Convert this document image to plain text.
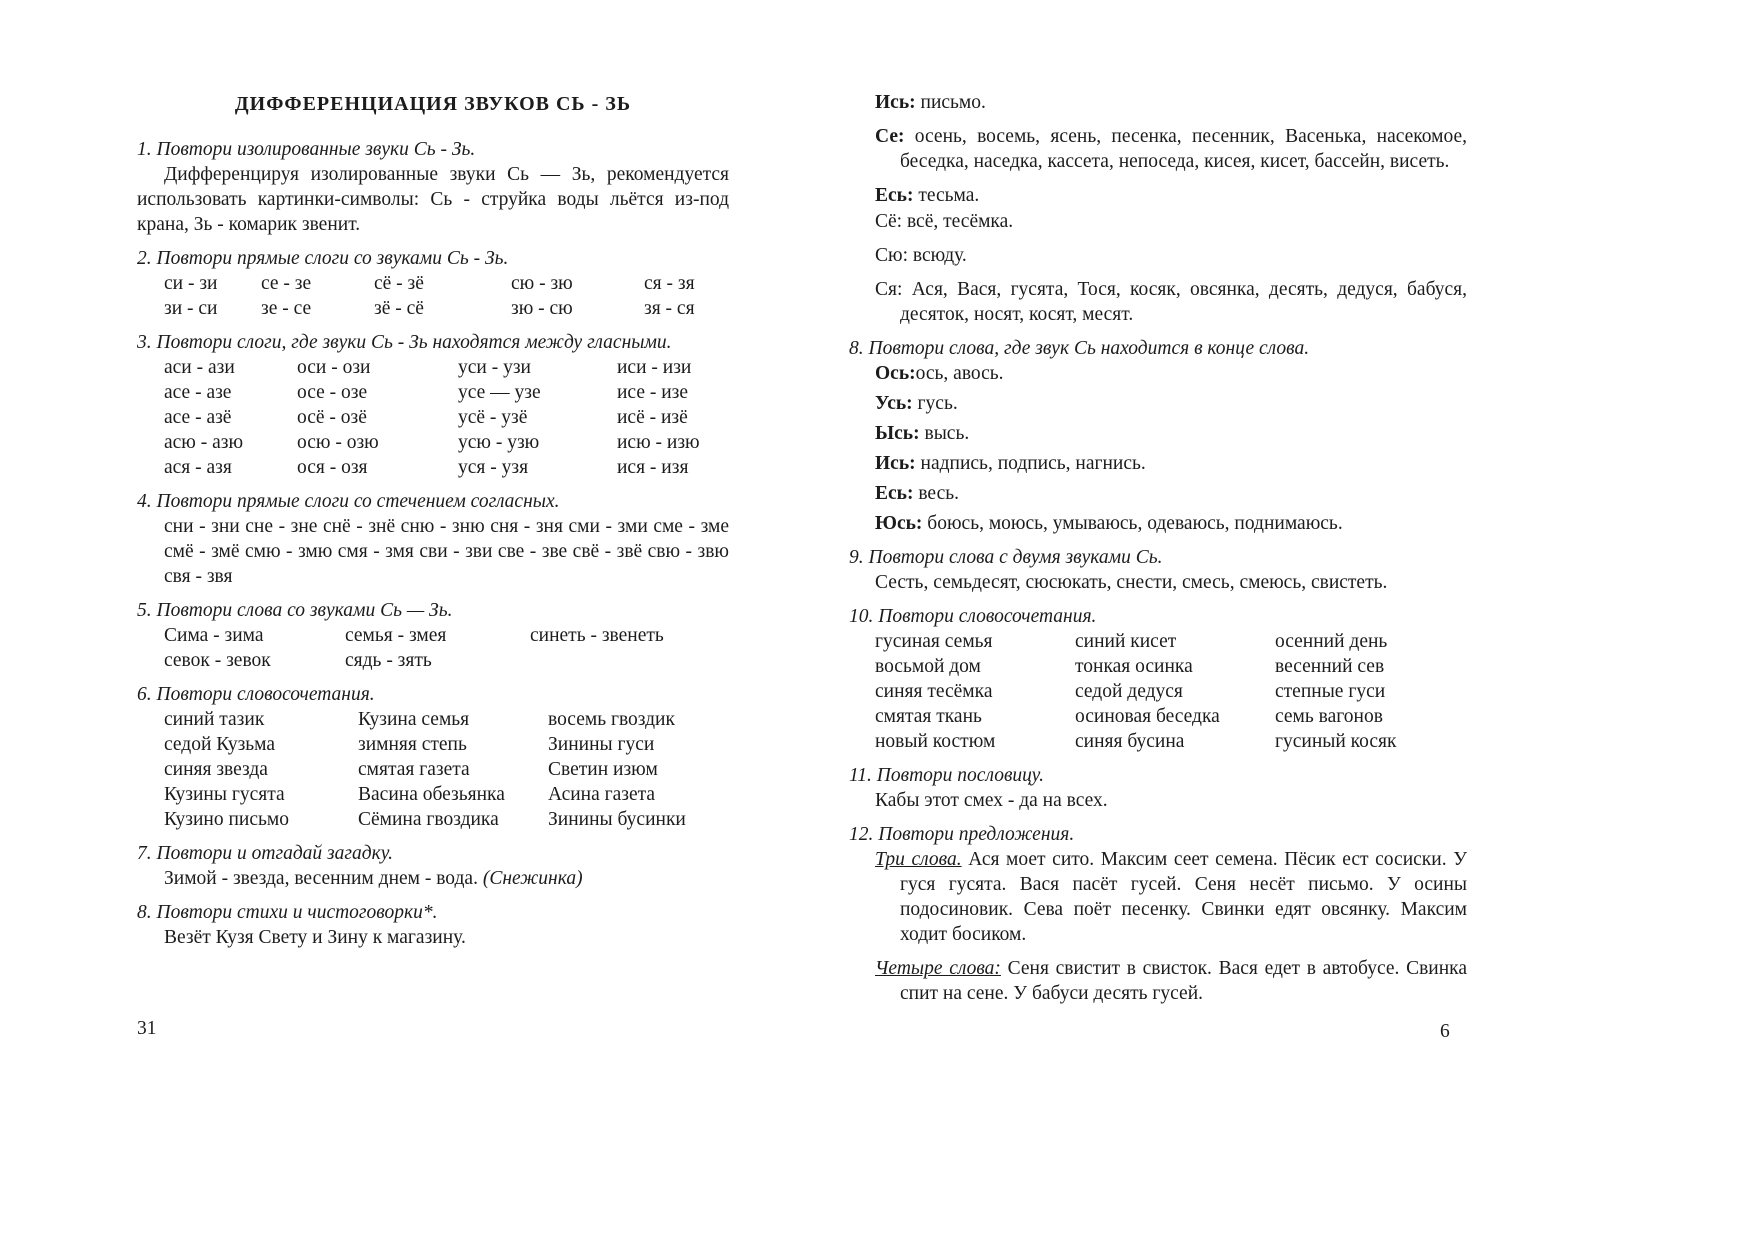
ДИФФЕРЕНЦИАЦИЯ ЗВУКОВ СЬ - ЗЬ
1. Повтори изолированные звуки Сь - Зь.
Дифференцируя изолированные звуки Сь — Зь, рекомендуется использовать картинки-символы: Сь - струйка воды льётся из-под крана, Зь - комарик звенит.
2. Повтори прямые слоги со звуками Сь - Зь.
си - зи	се - зе	сё - зё	сю - зю	ся - зя
зи - си	зе - се	зё - сё	зю - сю	зя - ся
3. Повтори слоги, где звуки Сь - Зь находятся между гласными.
аси - ази	оси - ози	уси - узи	иси - изи
асе - азе	осе - озе	усе — узе	исе - изе
асе - азё	осё - озё	усё - узё	исё - изё
асю - азю	осю - озю	усю - узю	исю - изю
ася - азя	ося - озя	уся - узя	ися - изя
4. Повтори прямые слоги со стечением согласных.
сни - зни сне - зне снё - знё сню - зню сня - зня сми - зми сме - зме смё - змё смю - змю смя - змя сви - зви све - зве свё - звё свю - звю свя - звя
5. Повтори слова со звуками Сь — Зь.
Сима - зима	семья - змея	синеть - звенеть
севок - зевок	сядь - зять
6. Повтори словосочетания.
синий тазик	Кузина семья	восемь гвоздик
седой Кузьма	зимняя степь	Зинины гуси
синяя звезда	смятая газета	Светин изюм
Кузины гусята	Васина обезьянка	Асина газета
Кузино письмо	Сёмина гвоздика	Зинины бусинки
7. Повтори и отгадай загадку.
Зимой - звезда, весенним днем - вода. (Снежинка)
8. Повтори стихи и чистоговорки*.
Везёт Кузя Свету и Зину к магазину.
31
Ись: письмо.
Се: осень, восемь, ясень, песенка, песенник, Васенька, насекомое, беседка, наседка, кассета, непоседа, кисея, кисет, бассейн, висеть.
Есь: тесьма.
Сё: всё, тесёмка.
Сю: всюду.
Ся: Ася, Вася, гусята, Тося, косяк, овсянка, десять, дедуся, бабуся, десяток, носят, косят, месят.
8. Повтори слова, где звук Сь находится в конце слова.
Ось:ось, авось.
Усь: гусь.
Ысь: высь.
Ись: надпись, подпись, нагнись.
Есь: весь.
Юсь: боюсь, моюсь, умываюсь, одеваюсь, поднимаюсь.
9. Повтори слова с двумя звуками Сь.
Сесть, семьдесят, сюсюкать, снести, смесь, смеюсь, свистеть.
10. Повтори словосочетания.
гусиная семья	синий кисет	осенний день
восьмой дом	тонкая осинка	весенний сев
синяя тесёмка	седой дедуся	степные гуси
смятая ткань	осиновая беседка	семь вагонов
новый костюм	синяя бусина	гусиный косяк
11. Повтори пословицу.
Кабы этот смех - да на всех.
12. Повтори предложения.
Три слова. Ася моет сито. Максим сеет семена. Пёсик ест сосиски. У гуся гусята. Вася пасёт гусей. Сеня несёт письмо. У осины подосиновик. Сева поёт песенку. Свинки едят овсянку. Максим ходит босиком.
Четыре слова: Сеня свистит в свисток. Вася едет в автобусе. Свинка спит на сене. У бабуси десять гусей.
6
